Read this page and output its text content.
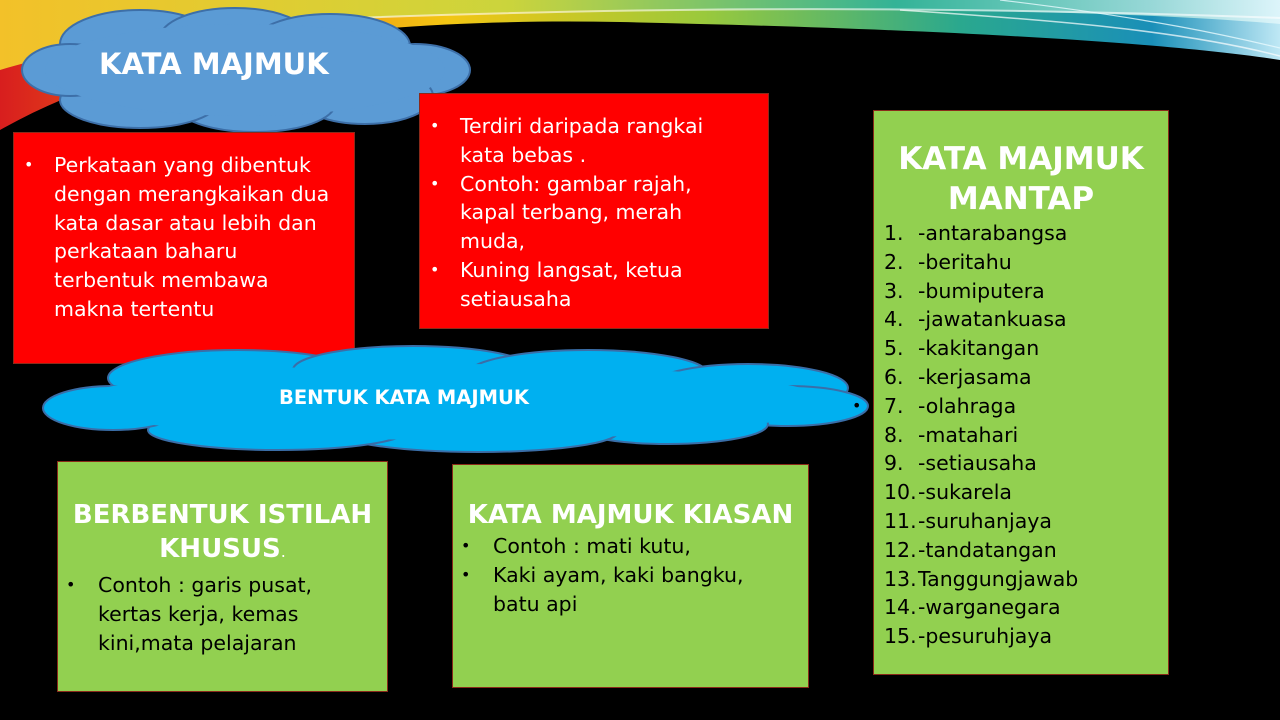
KATA MAJMUK
• Perkataan yang dibentuk dengan merangkaikan dua kata dasar atau lebih dan perkataan baharu terbentuk membawa makna tertentu
• Terdiri daripada rangkai kata bebas .
• Contoh: gambar rajah, kapal terbang, merah muda,
• Kuning langsat, ketua setiausaha
BENTUK KATA MAJMUK
BERBENTUK ISTILAH KHUSUS.
• Contoh : garis pusat, kertas kerja, kemas kini,mata pelajaran
KATA MAJMUK KIASAN
• Contoh : mati kutu,
• Kaki ayam, kaki bangku, batu api
KATA MAJMUK MANTAP
• 1. -antarabangsa
• 2. -beritahu
• 3. -bumiputera
• 4. -jawatankuasa
• 5. -kakitangan
• 6. -kerjasama
• 7. -olahraga
• 8. -matahari
• 9. -setiausaha
• 10. -sukarela
• 11. -suruhanjaya
• 12. -tandatangan
• 13. Tanggungjawab
• 14. -warganegara
• 15. -pesuruhjaya
